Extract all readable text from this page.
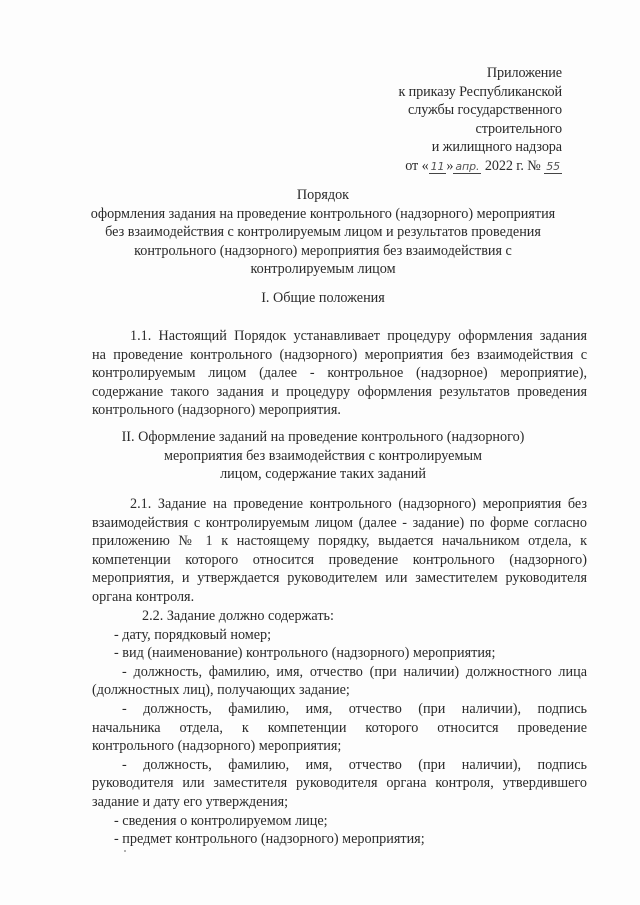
Приложение
к приказу Республиканской
службы государственного
строительного
и жилищного надзора
от « 11 » апр. 2022 г. № 55
Порядок
оформления задания на проведение контрольного (надзорного) мероприятия
без взаимодействия с контролируемым лицом и результатов проведения
контрольного (надзорного) мероприятия без взаимодействия с
контролируемым лицом
I. Общие положения
1.1. Настоящий Порядок устанавливает процедуру оформления задания
на проведение контрольного (надзорного) мероприятия без взаимодействия с
контролируемым лицом (далее - контрольное (надзорное) мероприятие),
содержание такого задания и процедуру оформления результатов проведения
контрольного (надзорного) мероприятия.
II. Оформление заданий на проведение контрольного (надзорного)
мероприятия без взаимодействия с контролируемым
лицом, содержание таких заданий
2.1. Задание на проведение контрольного (надзорного) мероприятия без
взаимодействия с контролируемым лицом (далее - задание) по форме согласно
приложению № 1 к настоящему порядку, выдается начальником отдела, к
компетенции которого относится проведение контрольного (надзорного)
мероприятия, и утверждается руководителем или заместителем руководителя
органа контроля.
2.2. Задание должно содержать:
- дату, порядковый номер;
- вид (наименование) контрольного (надзорного) мероприятия;
- должность, фамилию, имя, отчество (при наличии) должностного лица
(должностных лиц), получающих задание;
- должность, фамилию, имя, отчество (при наличии), подпись
начальника отдела, к компетенции которого относится проведение
контрольного (надзорного) мероприятия;
- должность, фамилию, имя, отчество (при наличии), подпись
руководителя или заместителя руководителя органа контроля, утвердившего
задание и дату его утверждения;
- сведения о контролируемом лице;
- предмет контрольного (надзорного) мероприятия;
